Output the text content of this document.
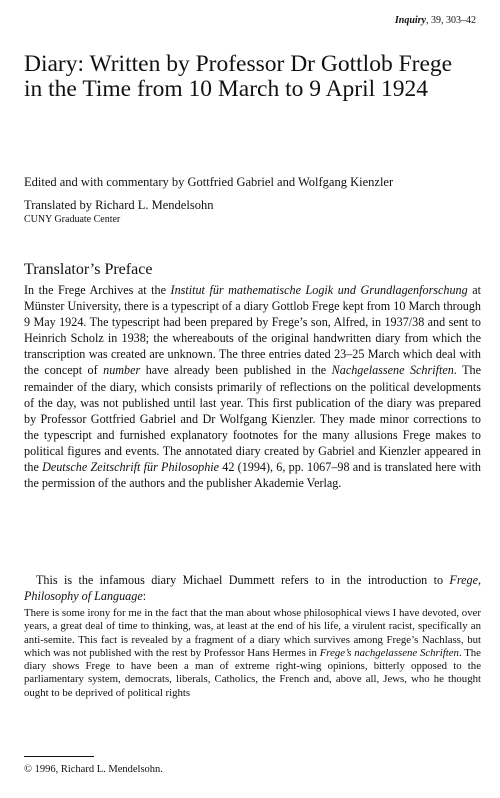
Inquiry, 39, 303–42
Diary: Written by Professor Dr Gottlob Frege in the Time from 10 March to 9 April 1924

Edited and with commentary by Gottfried Gabriel and Wolfgang Kienzler

Translated by Richard L. Mendelsohn

CUNY Graduate Center

Translator’s Preface

In the Frege Archives at the Institut für mathematische Logik und Grundlagenforschung at Münster University, there is a typescript of a diary Gottlob Frege kept from 10 March through 9 May 1924. The typescript had been prepared by Frege’s son, Alfred, in 1937/38 and sent to Heinrich Scholz in 1938; the whereabouts of the original handwritten diary from which the transcription was created are unknown. The three entries dated 23–25 March which deal with the concept of number have already been published in the Nachgelassene Schriften. The remainder of the diary, which consists primarily of reflections on the political developments of the day, was not published until last year. This first publication of the diary was prepared by Professor Gottfried Gabriel and Dr Wolfgang Kienzler. They made minor corrections to the typescript and furnished explanatory footnotes for the many allusions Frege makes to political figures and events. The annotated diary created by Gabriel and Kienzler appeared in the Deutsche Zeitschrift für Philosophie 42 (1994), 6, pp. 1067–98 and is translated here with the permission of the authors and the publisher Akademie Verlag.

This is the infamous diary Michael Dummett refers to in the introduction to Frege, Philosophy of Language:

There is some irony for me in the fact that the man about whose philosophical views I have devoted, over years, a great deal of time to thinking, was, at least at the end of his life, a virulent racist, specifically an anti-semite. This fact is revealed by a fragment of a diary which survives among Frege’s Nachlass, but which was not published with the rest by Professor Hans Hermes in Frege’s nachgelassene Schriften. The diary shows Frege to have been a man of extreme right-wing opinions, bitterly opposed to the parliamentary system, democrats, liberals, Catholics, the French and, above all, Jews, who he thought ought to be deprived of political rights

© 1996, Richard L. Mendelsohn.
